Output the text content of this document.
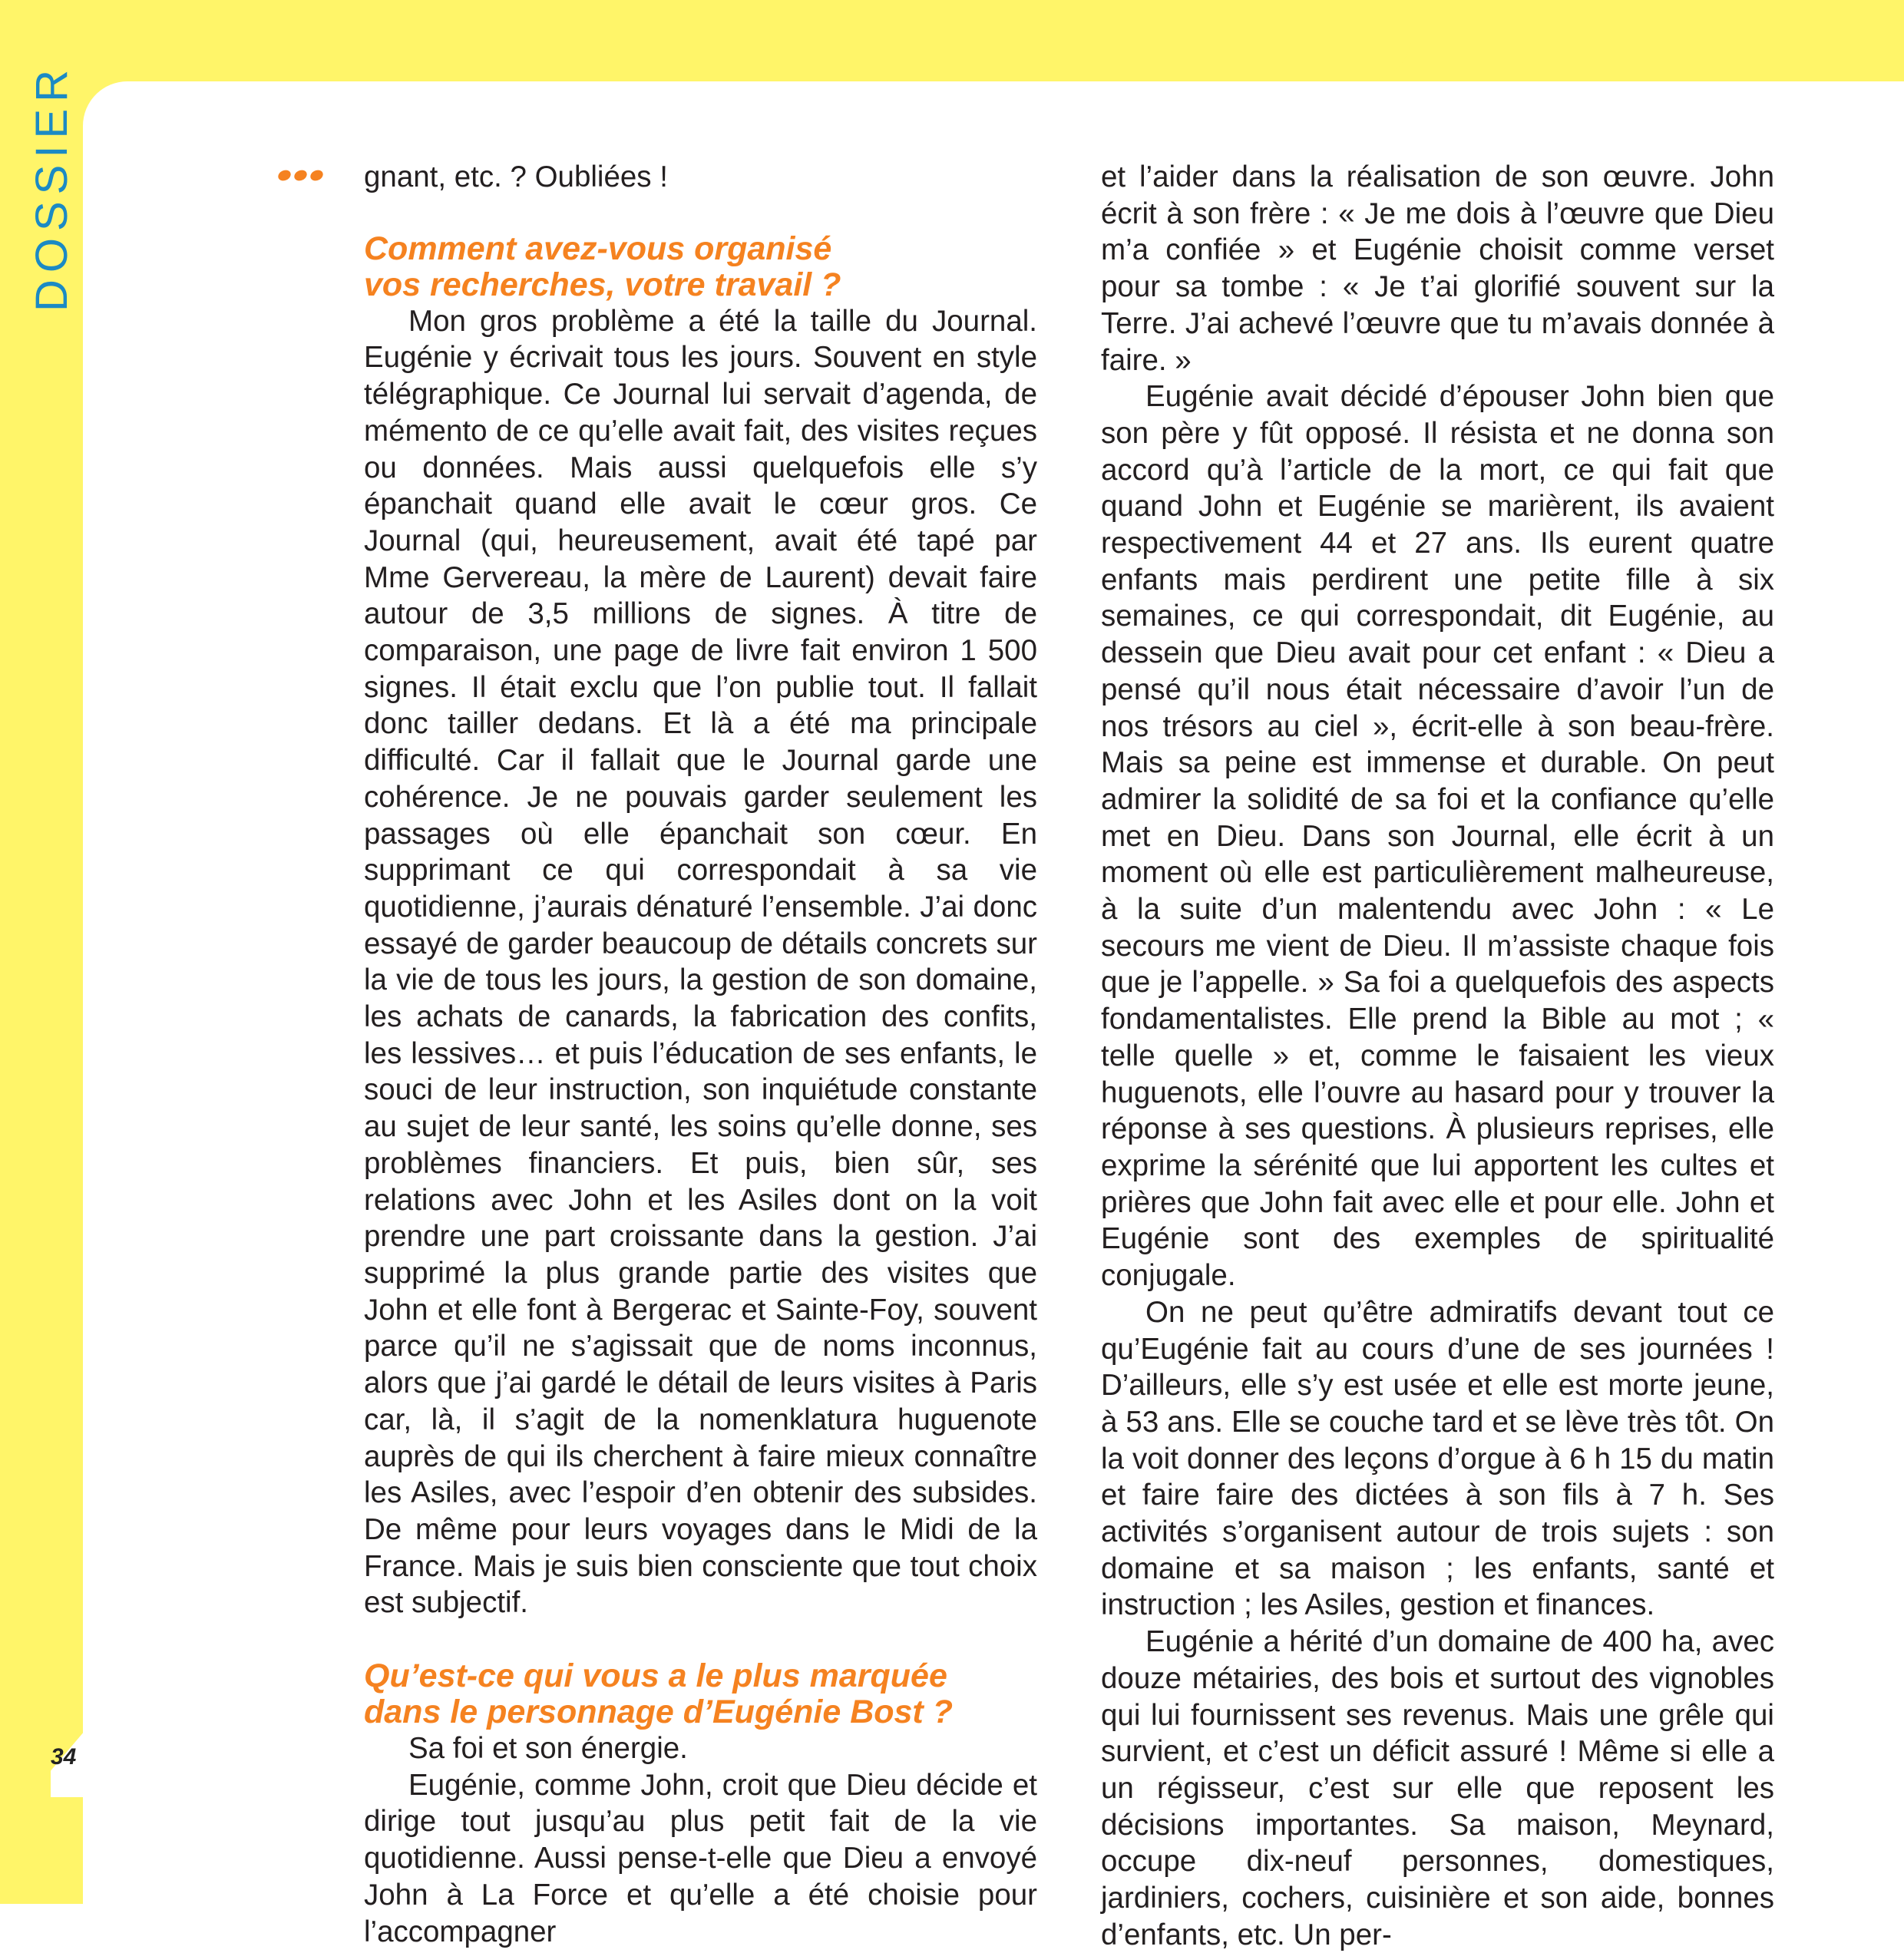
DOSSIER
34

gnant, etc. ? Oubliées !

Comment avez-vous organisé
vos recherches, votre travail ?

Mon gros problème a été la taille du Journal. Eugénie y écrivait tous les jours. Souvent en style télégraphique. Ce Journal lui servait d’agenda, de mémento de ce qu’elle avait fait, des visites reçues ou données. Mais aussi quelquefois elle s’y épanchait quand elle avait le cœur gros. Ce Journal (qui, heureusement, avait été tapé par Mme Gervereau, la mère de Laurent) devait faire autour de 3,5 millions de signes. À titre de comparaison, une page de livre fait environ 1 500 signes. Il était exclu que l’on publie tout. Il fallait donc tailler dedans. Et là a été ma principale difficulté. Car il fallait que le Journal garde une cohérence. Je ne pouvais garder seulement les passages où elle épanchait son cœur. En supprimant ce qui correspondait à sa vie quotidienne, j’aurais dénaturé l’ensemble. J’ai donc essayé de garder beaucoup de détails concrets sur la vie de tous les jours, la gestion de son domaine, les achats de canards, la fabrication des confits, les lessives… et puis l’éducation de ses enfants, le souci de leur instruction, son inquiétude constante au sujet de leur santé, les soins qu’elle donne, ses problèmes financiers. Et puis, bien sûr, ses relations avec John et les Asiles dont on la voit prendre une part croissante dans la gestion. J’ai supprimé la plus grande partie des visites que John et elle font à Bergerac et Sainte-Foy, souvent parce qu’il ne s’agissait que de noms inconnus, alors que j’ai gardé le détail de leurs visites à Paris car, là, il s’agit de la nomenklatura huguenote auprès de qui ils cherchent à faire mieux connaître les Asiles, avec l’espoir d’en obtenir des subsides. De même pour leurs voyages dans le Midi de la France. Mais je suis bien consciente que tout choix est subjectif.

Qu’est-ce qui vous a le plus marquée
dans le personnage d’Eugénie Bost ?

Sa foi et son énergie.

Eugénie, comme John, croit que Dieu décide et dirige tout jusqu’au plus petit fait de la vie quotidienne. Aussi pense-t-elle que Dieu a envoyé John à La Force et qu’elle a été choisie pour l’accompagner

et l’aider dans la réalisation de son œuvre. John écrit à son frère : « Je me dois à l’œuvre que Dieu m’a confiée » et Eugénie choisit comme verset pour sa tombe : « Je t’ai glorifié souvent sur la Terre. J’ai achevé l’œuvre que tu m’avais donnée à faire. »

Eugénie avait décidé d’épouser John bien que son père y fût opposé. Il résista et ne donna son accord qu’à l’article de la mort, ce qui fait que quand John et Eugénie se marièrent, ils avaient respectivement 44 et 27 ans. Ils eurent quatre enfants mais perdirent une petite fille à six semaines, ce qui correspondait, dit Eugénie, au dessein que Dieu avait pour cet enfant : « Dieu a pensé qu’il nous était nécessaire d’avoir l’un de nos trésors au ciel », écrit-elle à son beau-frère. Mais sa peine est immense et durable. On peut admirer la solidité de sa foi et la confiance qu’elle met en Dieu. Dans son Journal, elle écrit à un moment où elle est particulièrement malheureuse, à la suite d’un malentendu avec John : « Le secours me vient de Dieu. Il m’assiste chaque fois que je l’appelle. » Sa foi a quelquefois des aspects fondamentalistes. Elle prend la Bible au mot ; « telle quelle » et, comme le faisaient les vieux huguenots, elle l’ouvre au hasard pour y trouver la réponse à ses questions. À plusieurs reprises, elle exprime la sérénité que lui apportent les cultes et prières que John fait avec elle et pour elle. John et Eugénie sont des exemples de spiritualité conjugale.

On ne peut qu’être admiratifs devant tout ce qu’Eugénie fait au cours d’une de ses journées ! D’ailleurs, elle s’y est usée et elle est morte jeune, à 53 ans. Elle se couche tard et se lève très tôt. On la voit donner des leçons d’orgue à 6 h 15 du matin et faire faire des dictées à son fils à 7 h. Ses activités s’organisent autour de trois sujets : son domaine et sa maison ; les enfants, santé et instruction ; les Asiles, gestion et finances.

Eugénie a hérité d’un domaine de 400 ha, avec douze métairies, des bois et surtout des vignobles qui lui fournissent ses revenus. Mais une grêle qui survient, et c’est un déficit assuré ! Même si elle a un régisseur, c’est sur elle que reposent les décisions importantes. Sa maison, Meynard, occupe dix-neuf personnes, domestiques, jardiniers, cochers, cuisinière et son aide, bonnes d’enfants, etc. Un per-
